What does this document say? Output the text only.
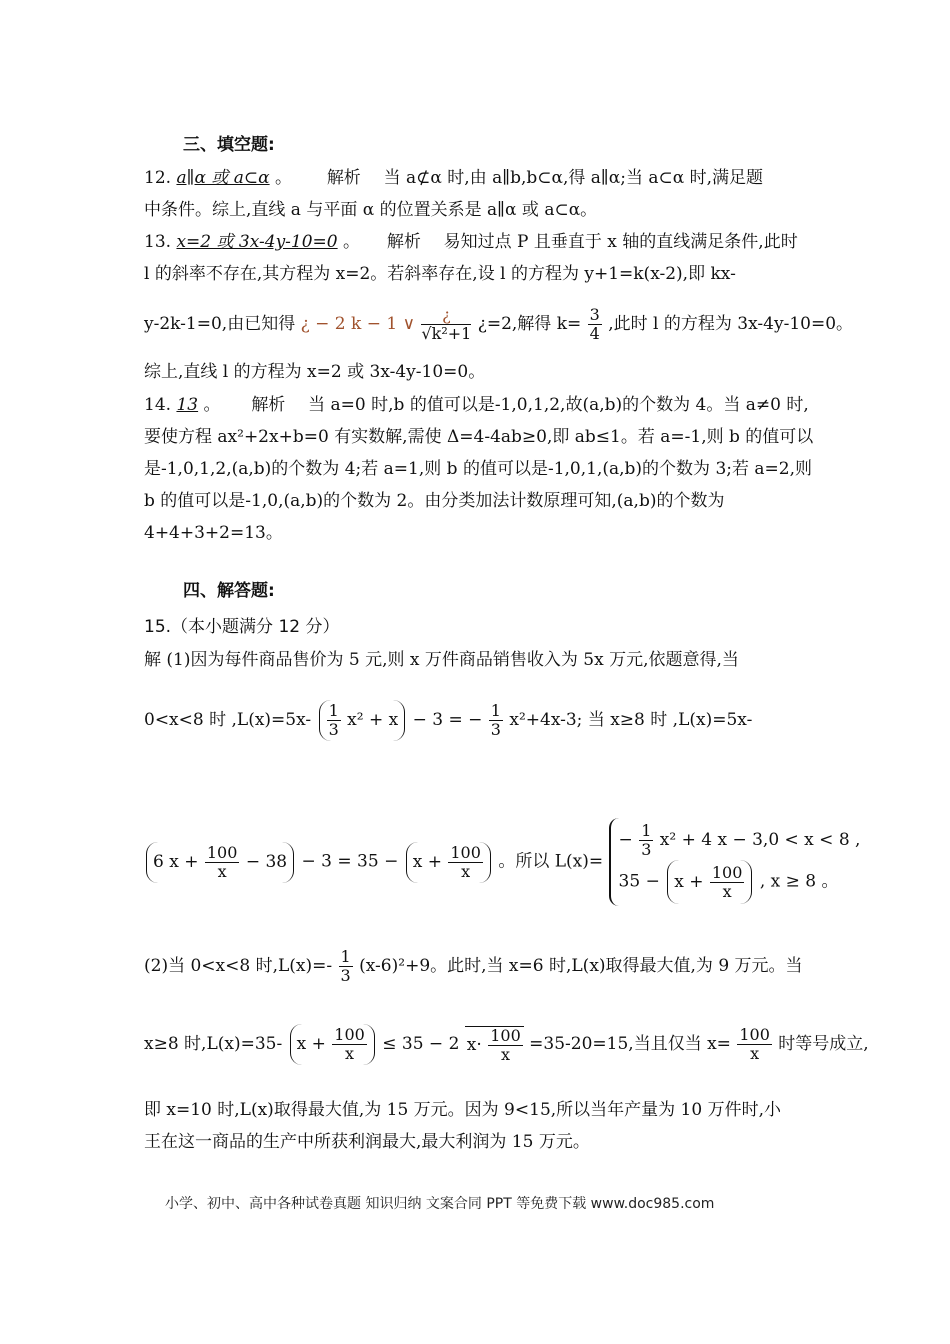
三、填空题:
12. a∥α 或 a⊂α 。 解析 当 a⊄α 时,由 a∥b,b⊂α,得 a∥α;当 a⊂α 时,满足题
中条件。综上,直线 a 与平面 α 的位置关系是 a∥α 或 a⊂α。
13. x=2 或 3x-4y-10=0 。 解析 易知过点 P 且垂直于 x 轴的直线满足条件,此时
l 的斜率不存在,其方程为 x=2。若斜率存在,设 l 的方程为 y+1=k(x-2),即 kx-
y-2k-1=0,由已知得 ¿ − 2 k − 1 ∨ $\frac{¿}{\text{√k²+1}}$ ¿=2,解得 $k= \frac{3}{4}$ ,此时 l 的方程为 3x-4y-10=0。
综上,直线 l 的方程为 x=2 或 3x-4y-10=0。
14. 13 。 解析 当 a=0 时,b 的值可以是-1,0,1,2,故(a,b)的个数为 4。当 a≠0 时,
要使方程 ax²+2x+b=0 有实数解,需使 Δ=4-4ab≥0,即 ab≤1。若 a=-1,则 b 的值可以
是-1,0,1,2,(a,b)的个数为 4;若 a=1,则 b 的值可以是-1,0,1,(a,b)的个数为 3;若 a=2,则
b 的值可以是-1,0,(a,b)的个数为 2。由分类加法计数原理可知,(a,b)的个数为
4+4+3+2=13。
四、解答题:
15.（本小题满分 12 分）
解 (1)因为每件商品售价为 5 元,则 x 万件商品销售收入为 5x 万元,依题意得,当
0<x<8 时 $,L(x)=5x- \frac{1}{3} x^2 + x - 3$ = − $\frac{1}{3} x^2+4x-3$; 当 x≥8 时 ,L(x)=5x-
6 $x + \frac{100}{x} - 38 - 3 = 35 - x + \frac{100}{x}$ 。所以 L(x)=
− $\frac{1}{3} x^2 + 4$ x − 3,0 < x < 8 ,
$35 - x + \frac{100}{x}$ , x ≥ 8 。
(2)当 0<x<8 时$,L(x)=- \frac{1}{3} (x-6)^2+9$。此时,当 x=6 时,L(x)取得最大值,为 9 万元。当
x≥8 时,L(x)=35- $x + \frac{100}{x} \le 35 - 2$ $x\cdot \frac{100}{x} =35-20=15$,当且仅当 $x= \frac{100}{x}$ 时等号成立,
即 x=10 时,L(x)取得最大值,为 15 万元。因为 9<15,所以当年产量为 10 万件时,小
王在这一商品的生产中所获利润最大,最大利润为 15 万元。
小学、初中、高中各种试卷真题 知识归纳 文案合同 PPT 等免费下载 www.doc985.com
